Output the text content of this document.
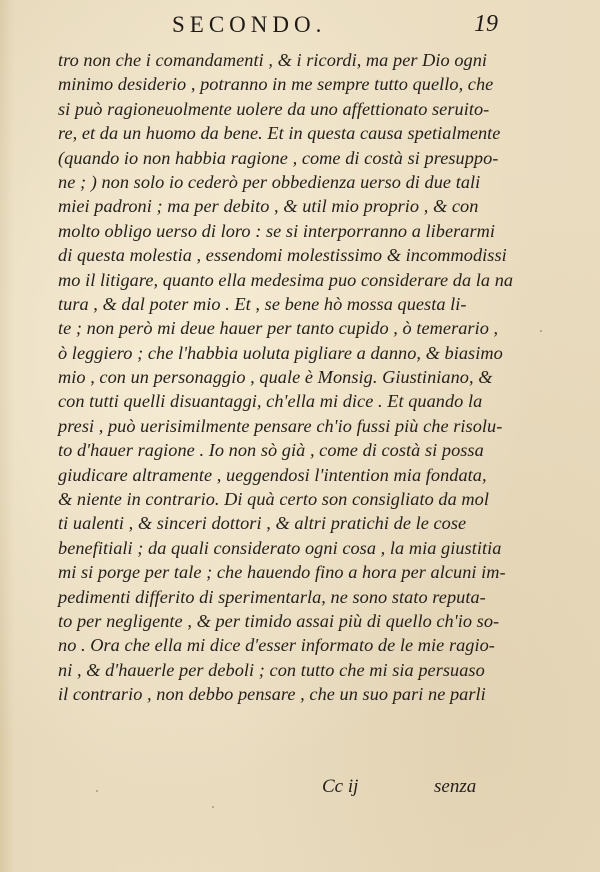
SECONDO.	19
tro non che i comandamenti , & i ricordi, ma per Dio ogni
minimo desiderio , potranno in me sempre tutto quello, che
si può ragioneuolmente uolere da uno affettionato seruito-
re, et da un huomo da bene. Et in questa causa spetialmente
(quando io non habbia ragione , come di costà si presuppo-
ne ; ) non solo io cederò per obbedienza uerso di due tali
miei padroni ; ma per debito , & util mio proprio , & con
molto obligo uerso di loro : se si interporranno a liberarmi
di questa molestia , essendomi molestissimo & incommodissi
mo il litigare, quanto ella medesima puo considerare da la na
tura , & dal poter mio . Et , se bene hò mossa questa li-
te ; non però mi deue hauer per tanto cupido , ò temerario ,
ò leggiero ; che l'habbia uoluta pigliare a danno, & biasimo
mio , con un personaggio , quale è Monsig. Giustiniano, &
con tutti quelli disuantaggi, ch'ella mi dice . Et quando la
presi , può uerisimilmente pensare ch'io fussi più che risolu-
to d'hauer ragione . Io non sò già , come di costà si possa
giudicare altramente , ueggendosi l'intention mia fondata,
& niente in contrario. Di quà certo son consigliato da mol
ti ualenti , & sinceri dottori , & altri pratichi de le cose
benefitiali ; da quali considerato ogni cosa , la mia giustitia
mi si porge per tale ; che hauendo fino a hora per alcuni im-
pedimenti differito di sperimentarla, ne sono stato reputa-
to per negligente , & per timido assai più di quello ch'io so-
no . Ora che ella mi dice d'esser informato de le mie ragio-
ni , & d'hauerle per deboli ; con tutto che mi sia persuaso
il contrario , non debbo pensare , che un suo pari ne parli
Cc ij	senza
